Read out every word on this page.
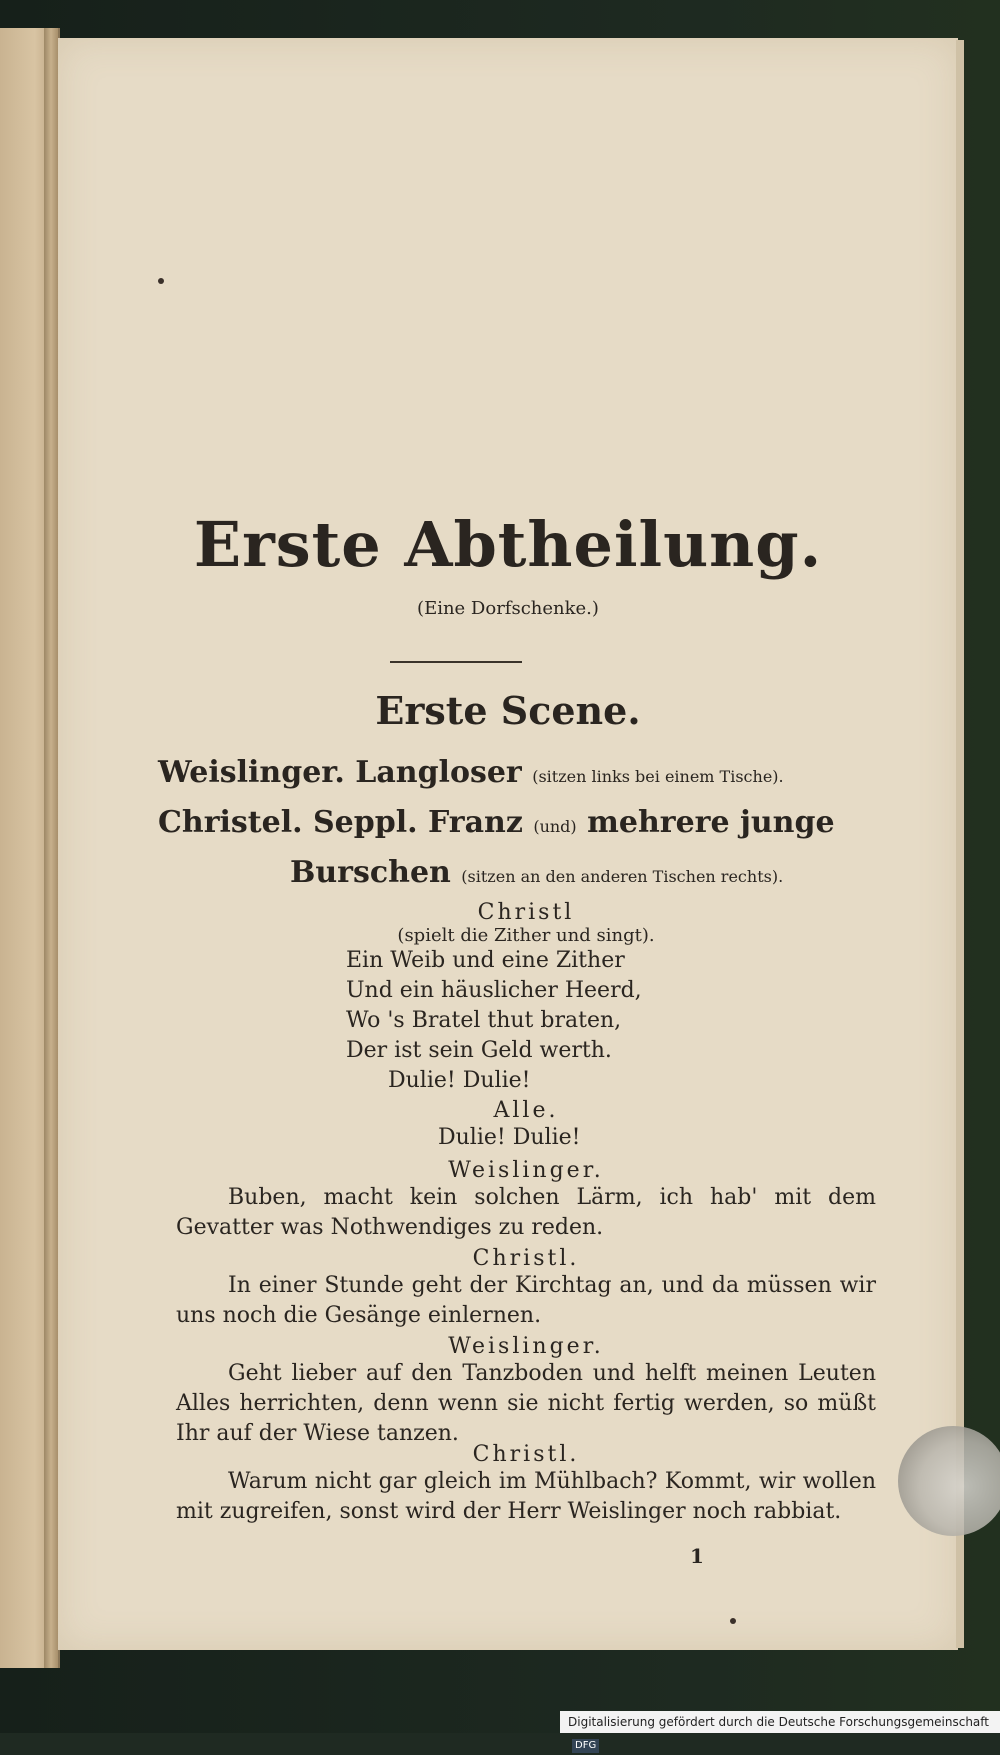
Erste Abtheilung.
(Eine Dorfschenke.)
Erste Scene.
Weislinger. Langloser (sitzen links bei einem Tische).
Christel. Seppl. Franz (und) mehrere junge
Burschen (sitzen an den anderen Tischen rechts).
Christl
(spielt die Zither und singt).
Ein Weib und eine Zither
Und ein häuslicher Heerd,
Wo 's Bratel thut braten,
Der ist sein Geld werth.
Dulie! Dulie!
Alle.
Dulie! Dulie!
Weislinger.
Buben, macht kein solchen Lärm, ich hab' mit dem Gevatter was Nothwendiges zu reden.
Christl.
In einer Stunde geht der Kirchtag an, und da müssen wir uns noch die Gesänge einlernen.
Weislinger.
Geht lieber auf den Tanzboden und helft meinen Leuten Alles herrichten, denn wenn sie nicht fertig werden, so müßt Ihr auf der Wiese tanzen.
Christl.
Warum nicht gar gleich im Mühlbach? Kommt, wir wollen mit zugreifen, sonst wird der Herr Weislinger noch rabbiat.
1
Digitalisierung gefördert durch die Deutsche Forschungsgemeinschaft DFG
